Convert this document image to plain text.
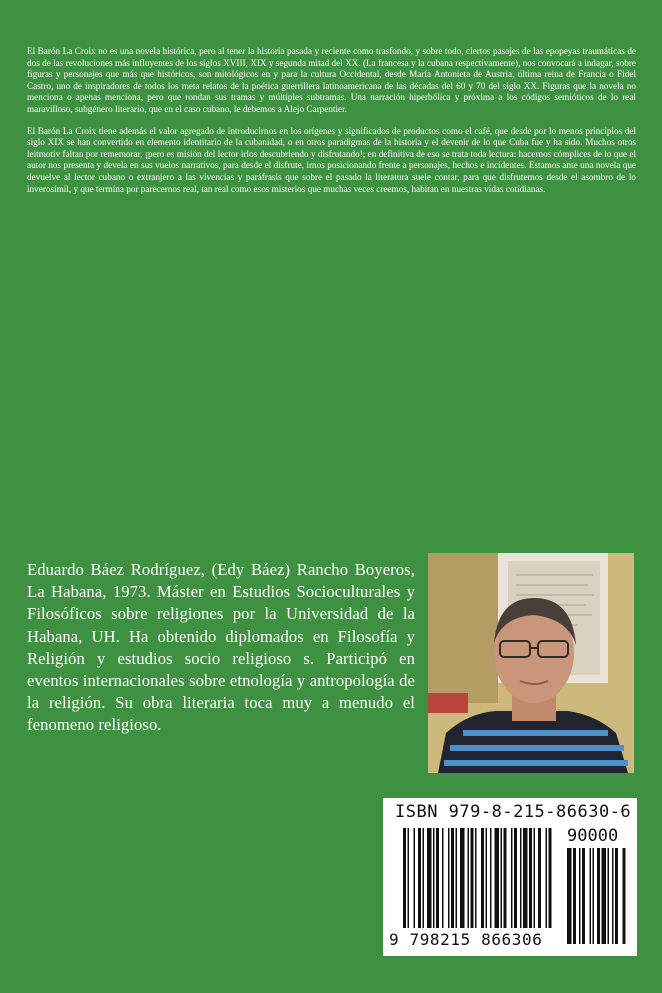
El Barón La Croix no es una novela histórica, pero al tener la historia pasada y reciente como trasfondo, y sobre todo, ciertos pasajes de las epopeyas traumáticas de dos de las revoluciones más influyentes de los siglos XVIII, XIX y segunda mitad del XX. (La francesa y la cubana respectivamente), nos convocará a indagar, sobre figuras y personajes que más que históricos, son mitológicos en y para la cultura Occidental, desde María Antonieta de Austria, última reina de Francia o Fidel Castro, uno de inspiradores de todos los meta relatos de la poética guerrillera latinoamericana de las décadas del 60 y 70 del siglo XX. Figuras que la novela no menciona o apenas menciona, pero que rondan sus tramas y múltiples subtramas. Una narración hiperbólica y próxima a los códigos semióticos de lo real maravilloso, subgénero literario, que en el caso cubano, le debemos a Alejo Carpentier.

El Barón La Croix tiene además el valor agregado de introducirnos en los orígenes y significados de productos como el café, que desde por lo menos principios del siglo XIX se han convertido en elemento identitario de la cubanidad, o en otros paradigmas de la historia y el devenir de lo que Cuba fue y ha sido. Muchos otros leitmotiv faltan por rememorar, ¡pero es misión del lector irlos descubriendo y disfrutando!; en definitiva de eso se trata toda lectura: hacernos cómplices de lo que el autor nos presenta y devela en sus vuelos narrativos, para desde el disfrute, irnos posicionando frente a personajes, hechos e incidentes. Estamos ante una novela que devuelve al lector cubano o extranjero a las vivencias y paráfrasis que sobre el pasado la literatura suele contar, para que disfrutemos desde el asombro de lo inverosímil, y que termina por parecernos real, tan real como esos misterios que muchas veces creemos, habitan en nuestras vidas cotidianas.

Eduardo Báez Rodríguez, (Edy Báez) Rancho Boyeros, La Habana, 1973. Máster en Estudios Socioculturales y Filosóficos sobre religiones por la Universidad de la Habana, UH. Ha obtenido diplomados en Filosofía y Religión y estudios socio religioso s. Participó en eventos internacionales sobre etnología y antropología de la religión. Su obra literaria toca muy a menudo el fenomeno religioso.
ISBN 979-8-215-86630-6
90000
9 798215 866306
